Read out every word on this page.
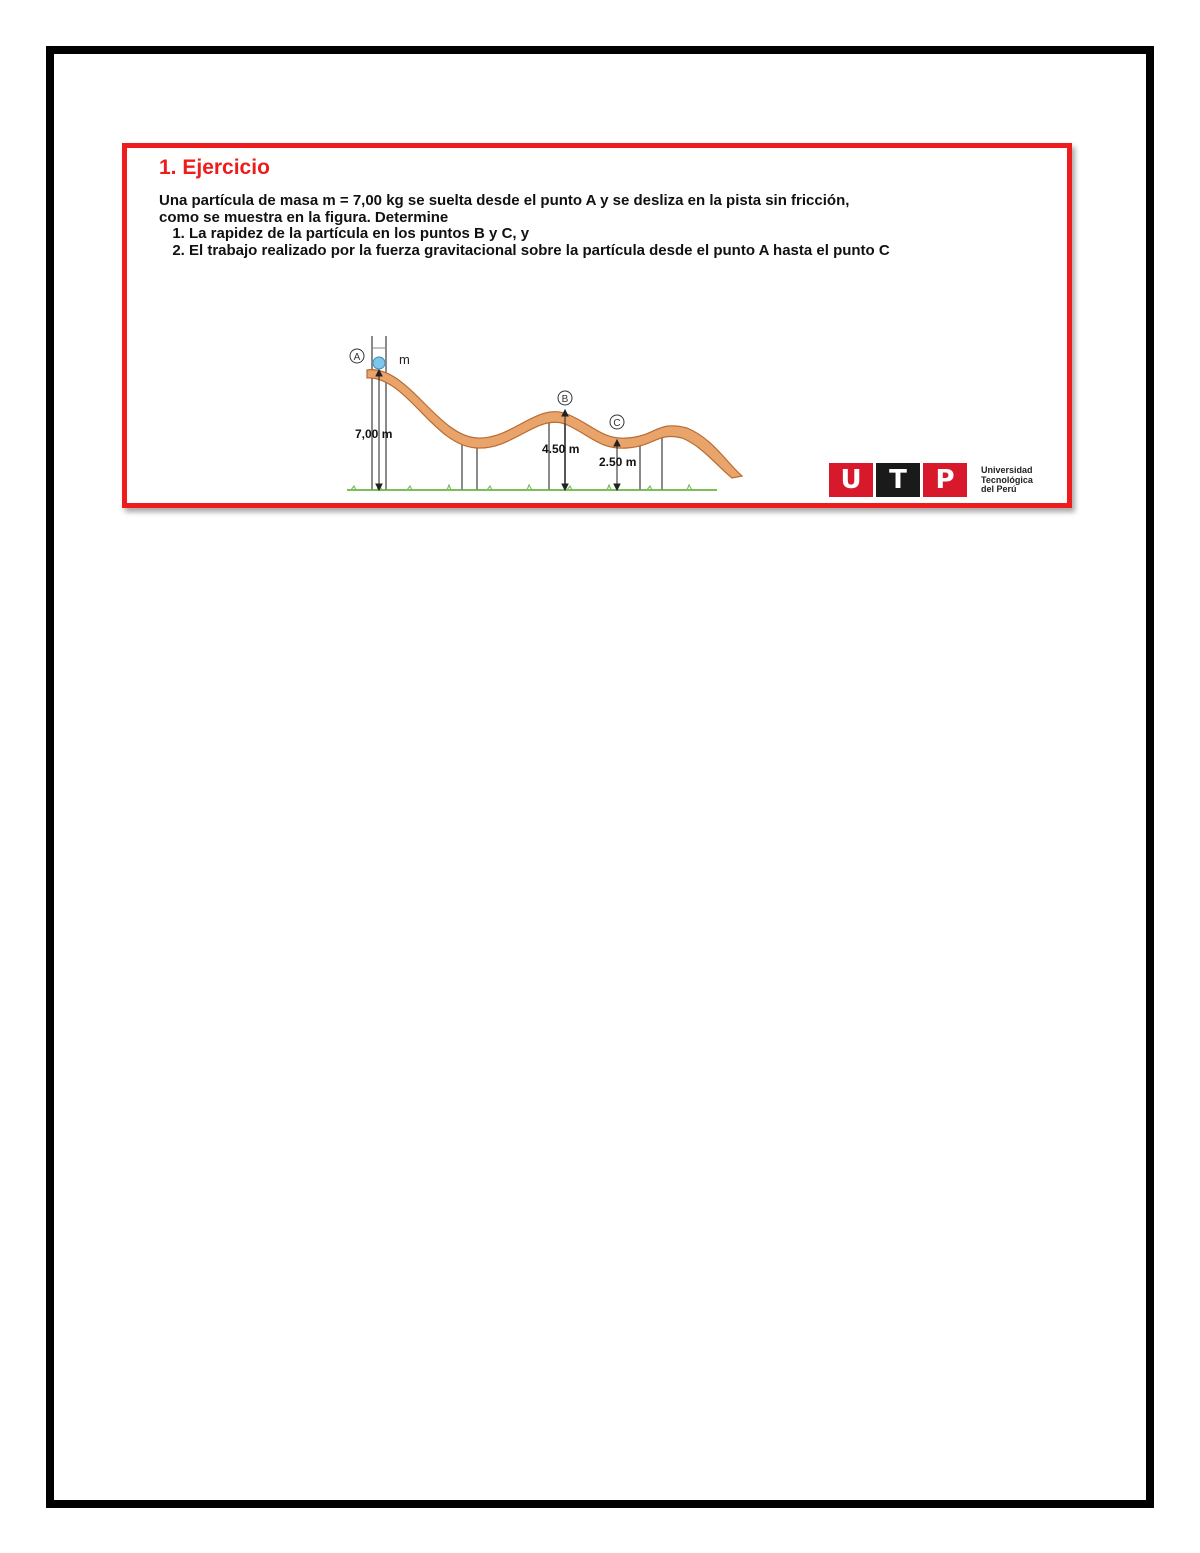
1. Ejercicio

Una partícula de masa m = 7,00 kg se suelta desde el punto A y se desliza en la pista sin fricción,

como se muestra en la figura. Determine

1. La rapidez de la partícula en los puntos B y C, y
2. El trabajo realizado por la fuerza gravitacional sobre la partícula desde el punto A hasta el punto C
A	m
B
C
7,00 m
4.50 m
2.50 m
U	T	P	Universidad
Tecnológica
del Perú
